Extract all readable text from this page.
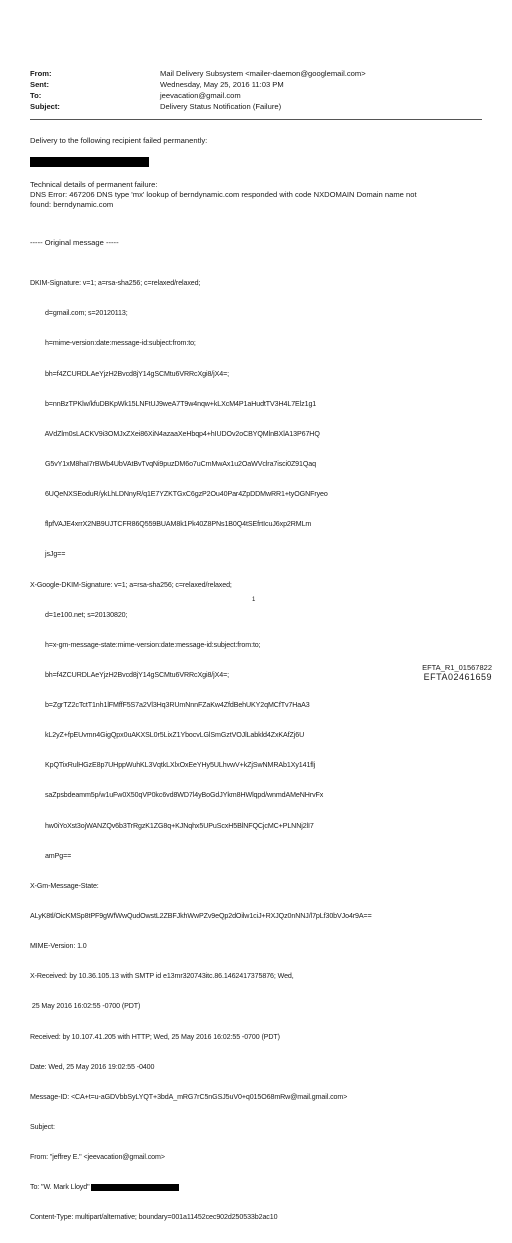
From:	Mail Delivery Subsystem <mailer-daemon@googlemail.com>
Sent:	Wednesday, May 25, 2016 11:03 PM
To:	jeevacation@gmail.com
Subject:	Delivery Status Notification (Failure)
Delivery to the following recipient failed permanently:
Technical details of permanent failure:
DNS Error: 467206 DNS type 'mx' lookup of berndynamic.com responded with code NXDOMAIN Domain name not
found: berndynamic.com
----- Original message -----

DKIM-Signature: v=1; a=rsa-sha256; c=relaxed/relaxed;

d=gmail.com; s=20120113;

h=mime-version:date:message-id:subject:from:to;

bh=f4ZCURDLAeYjzH2Bvcd8jY14gSCMtu6VRRcXgi8/jX4=;

b=nnBzTPKlw/kfuDBKpWk15LNFtUJ9weA7T9w4nqw+kLXcM4P1aHudtTV3H4L7Elz1g1

AVdZlm0sLACKV9i3OMJxZXei86XiN4azaaXeHbqp4+hIUDOv2oCBYQMlnBXlA13P67HQ

G5vY1xM8haI7rBWb4UbVAtBvTvqNi9puzDM6o7uCmMwAx1u2OaWVclra7isci0Z91Qaq

6UQeNXSEoduR/ykLhLDNnyR/q1E7YZKTGxC6gzP2Ou40Par4ZpDDMwRR1+tyOGNFryeo

flpfVAJE4xrrX2NB9UJTCFR86Q559BUAM8k1Pk40Z8PNs1B0Q4tSEfrtIcuJ6xp2RMLm

jsJg==

X-Google-DKIM-Signature: v=1; a=rsa-sha256; c=relaxed/relaxed;

d=1e100.net; s=20130820;

h=x-gm-message-state:mime-version:date:message-id:subject:from:to;

bh=f4ZCURDLAeYjzH2Bvcd8jY14gSCMtu6VRRcXgi8/jX4=;

b=ZgrTZ2cTctT1nh1lFMffF5S7a2Vl3Hq3RUmNnnFZaKw4ZfdBehUKY2qMCfTv7HaA3

kL2yZ+fpEUvmn4GigQpx0uAKXSL0r5LixZ1YbocvLGlSmGztVOJlLabkld4ZxKAfZj6U

KpQTixRulHGzE8p7UHppWuhKL3VqtkLXlxOxEeYHy5ULhvwV+kZjSwNMRAb1Xy141flj

saZpsbdeamm5p/w1uFw0X50qVP0kc6vd8WD7l4yBoGdJYkm8HWlqpd/wnmdAMeNHrvFx

hw0iYoXst3ojWANZQv6b3TrRgzK1ZG8q+KJNqhx5UPuScxH5BlNFQCjcMC+PLNNj2lI7

amPg==

X-Gm-Message-State:

ALyK8tl/OicKMSp8tPF9gWfWwQudOwstL2ZBFJkhWwPZv9eQp2dOilw1ciJ+RXJQz0nNNJ/l7pLf30bVJo4r9A==

MIME-Version: 1.0

X-Received: by 10.36.105.13 with SMTP id e13mr320743itc.86.1462417375876; Wed,

25 May 2016 16:02:55 -0700 (PDT)

Received: by 10.107.41.205 with HTTP; Wed, 25 May 2016 16:02:55 -0700 (PDT)

Date: Wed, 25 May 2016 19:02:55 -0400

Message-ID: <CA+t=u-aGDVbbSyLYQT+3bdA_mRG7rC5nGSJ5uV0+q015O68mRw@mail.gmail.com>

Subject:

From: "jeffrey E." <jeevacation@gmail.com>

To: "W. Mark Lloyd"

Content-Type: multipart/alternative; boundary=001a11452cec902d250533b2ac10

1
EFTA_R1_01567822
EFTA02461659
